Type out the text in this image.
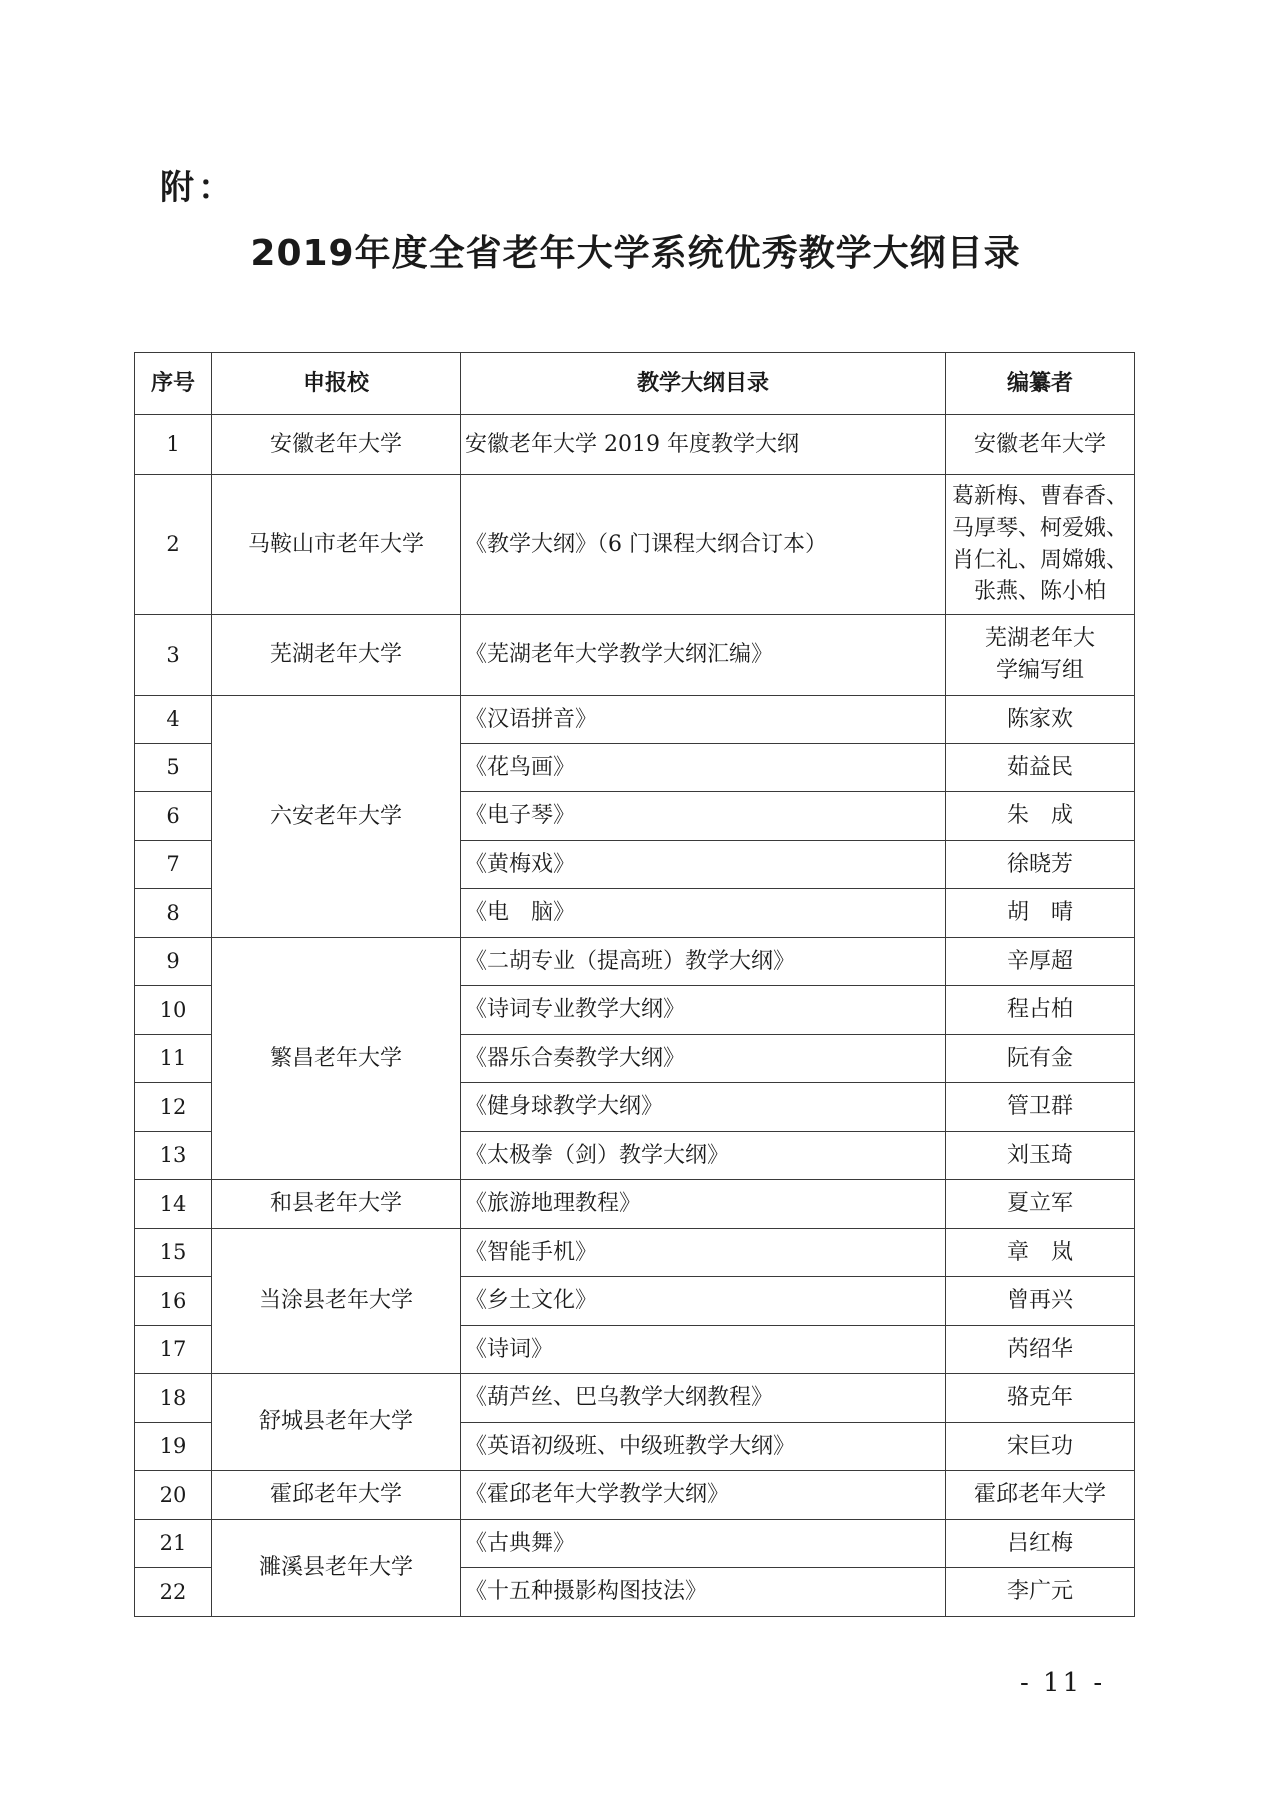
附：
2019年度全省老年大学系统优秀教学大纲目录
序号	申报校	教学大纲目录	编纂者
1	安徽老年大学	安徽老年大学 2019 年度教学大纲	安徽老年大学
2	马鞍山市老年大学	《教学大纲》（6 门课程大纲合订本）	葛新梅、曹春香、马厚琴、柯爱娥、肖仁礼、周嫦娥、张燕、陈小柏
3	芜湖老年大学	《芜湖老年大学教学大纲汇编》	芜湖老年大学编写组
4	六安老年大学	《汉语拼音》	陈家欢
5		《花鸟画》	茹益民
6		《电子琴》	朱　成
7		《黄梅戏》	徐晓芳
8		《电　脑》	胡　晴
9	繁昌老年大学	《二胡专业（提高班）教学大纲》	辛厚超
10		《诗词专业教学大纲》	程占柏
11		《器乐合奏教学大纲》	阮有金
12		《健身球教学大纲》	管卫群
13		《太极拳（剑）教学大纲》	刘玉琦
14	和县老年大学	《旅游地理教程》	夏立军
15	当涂县老年大学	《智能手机》	章　岚
16		《乡土文化》	曾再兴
17		《诗词》	芮绍华
18	舒城县老年大学	《葫芦丝、巴乌教学大纲教程》	骆克年
19		《英语初级班、中级班教学大纲》	宋巨功
20	霍邱老年大学	《霍邱老年大学教学大纲》	霍邱老年大学
21	濉溪县老年大学	《古典舞》	吕红梅
22		《十五种摄影构图技法》	李广元
- 11 -
